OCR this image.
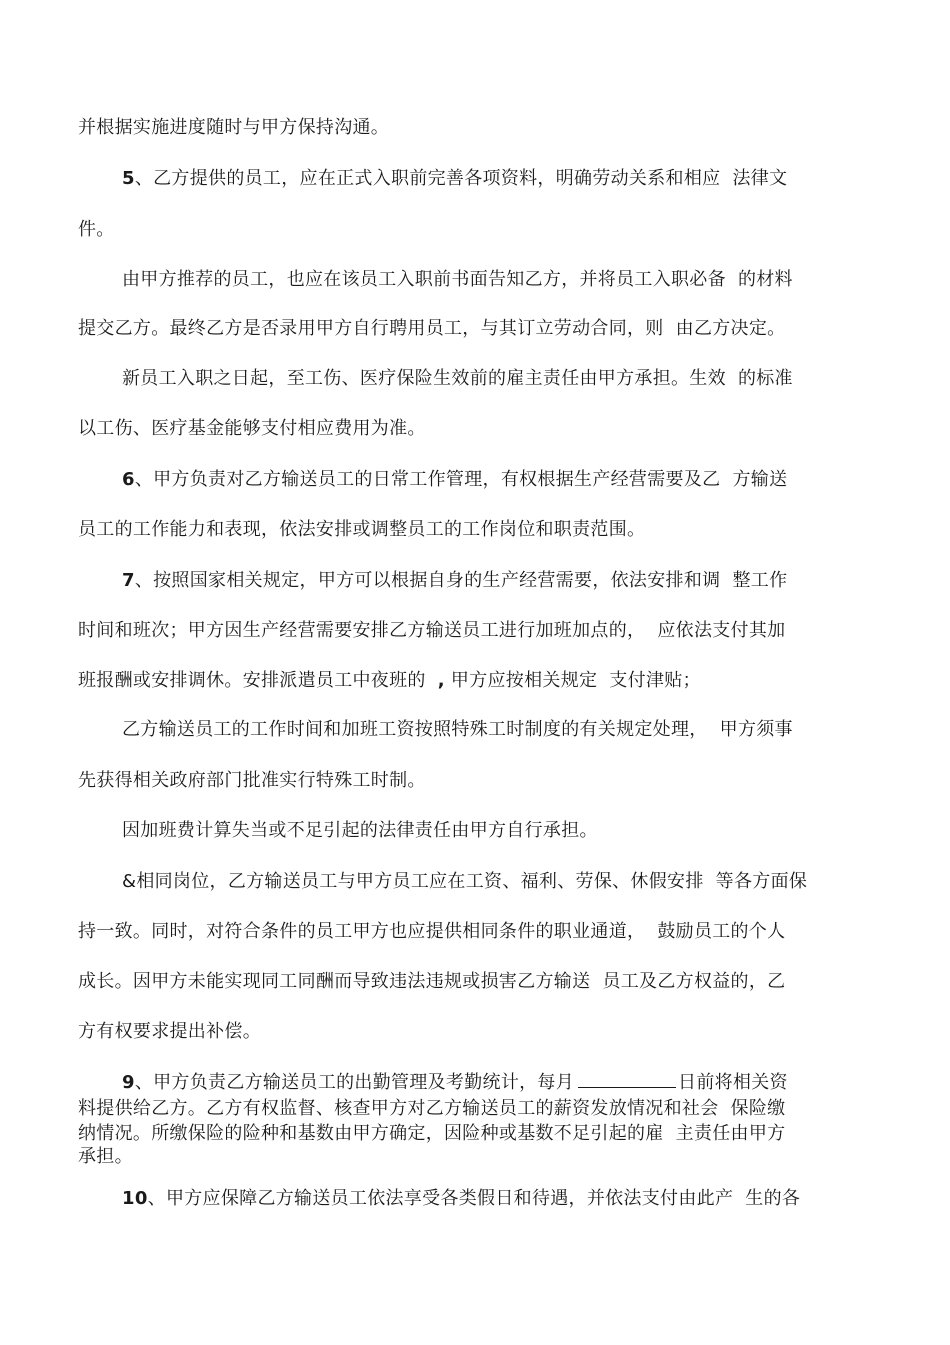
并根据实施进度随时与甲方保持沟通。
5、乙方提供的员工，应在正式入职前完善各项资料，明确劳动关系和相应  法律文
件。
由甲方推荐的员工，也应在该员工入职前书面告知乙方，并将员工入职必备  的材料
提交乙方。最终乙方是否录用甲方自行聘用员工，与其订立劳动合同，则  由乙方决定。
新员工入职之日起，至工伤、医疗保险生效前的雇主责任由甲方承担。生效  的标准
以工伤、医疗基金能够支付相应费用为准。
6、甲方负责对乙方输送员工的日常工作管理，有权根据生产经营需要及乙  方输送
员工的工作能力和表现，依法安排或调整员工的工作岗位和职责范围。
7、按照国家相关规定，甲方可以根据自身的生产经营需要，依法安排和调  整工作
时间和班次；甲方因生产经营需要安排乙方输送员工进行加班加点的，  应依法支付其加
班报酬或安排调休。安排派遣员工中夜班的  , 甲方应按相关规定  支付津贴；
乙方输送员工的工作时间和加班工资按照特殊工时制度的有关规定处理，  甲方须事
先获得相关政府部门批准实行特殊工时制。
因加班费计算失当或不足引起的法律责任由甲方自行承担。
&相同岗位，乙方输送员工与甲方员工应在工资、福利、劳保、休假安排  等各方面保
持一致。同时，对符合条件的员工甲方也应提供相同条件的职业通道，  鼓励员工的个人
成长。因甲方未能实现同工同酬而导致违法违规或损害乙方输送  员工及乙方权益的，乙
方有权要求提出补偿。
9、甲方负责乙方输送员工的出勤管理及考勤统计，每月	日前将相关资
料提供给乙方。乙方有权监督、核查甲方对乙方输送员工的薪资发放情况和社会  保险缴
纳情况。所缴保险的险种和基数由甲方确定，因险种或基数不足引起的雇  主责任由甲方
承担。
10、甲方应保障乙方输送员工依法享受各类假日和待遇，并依法支付由此产  生的各
